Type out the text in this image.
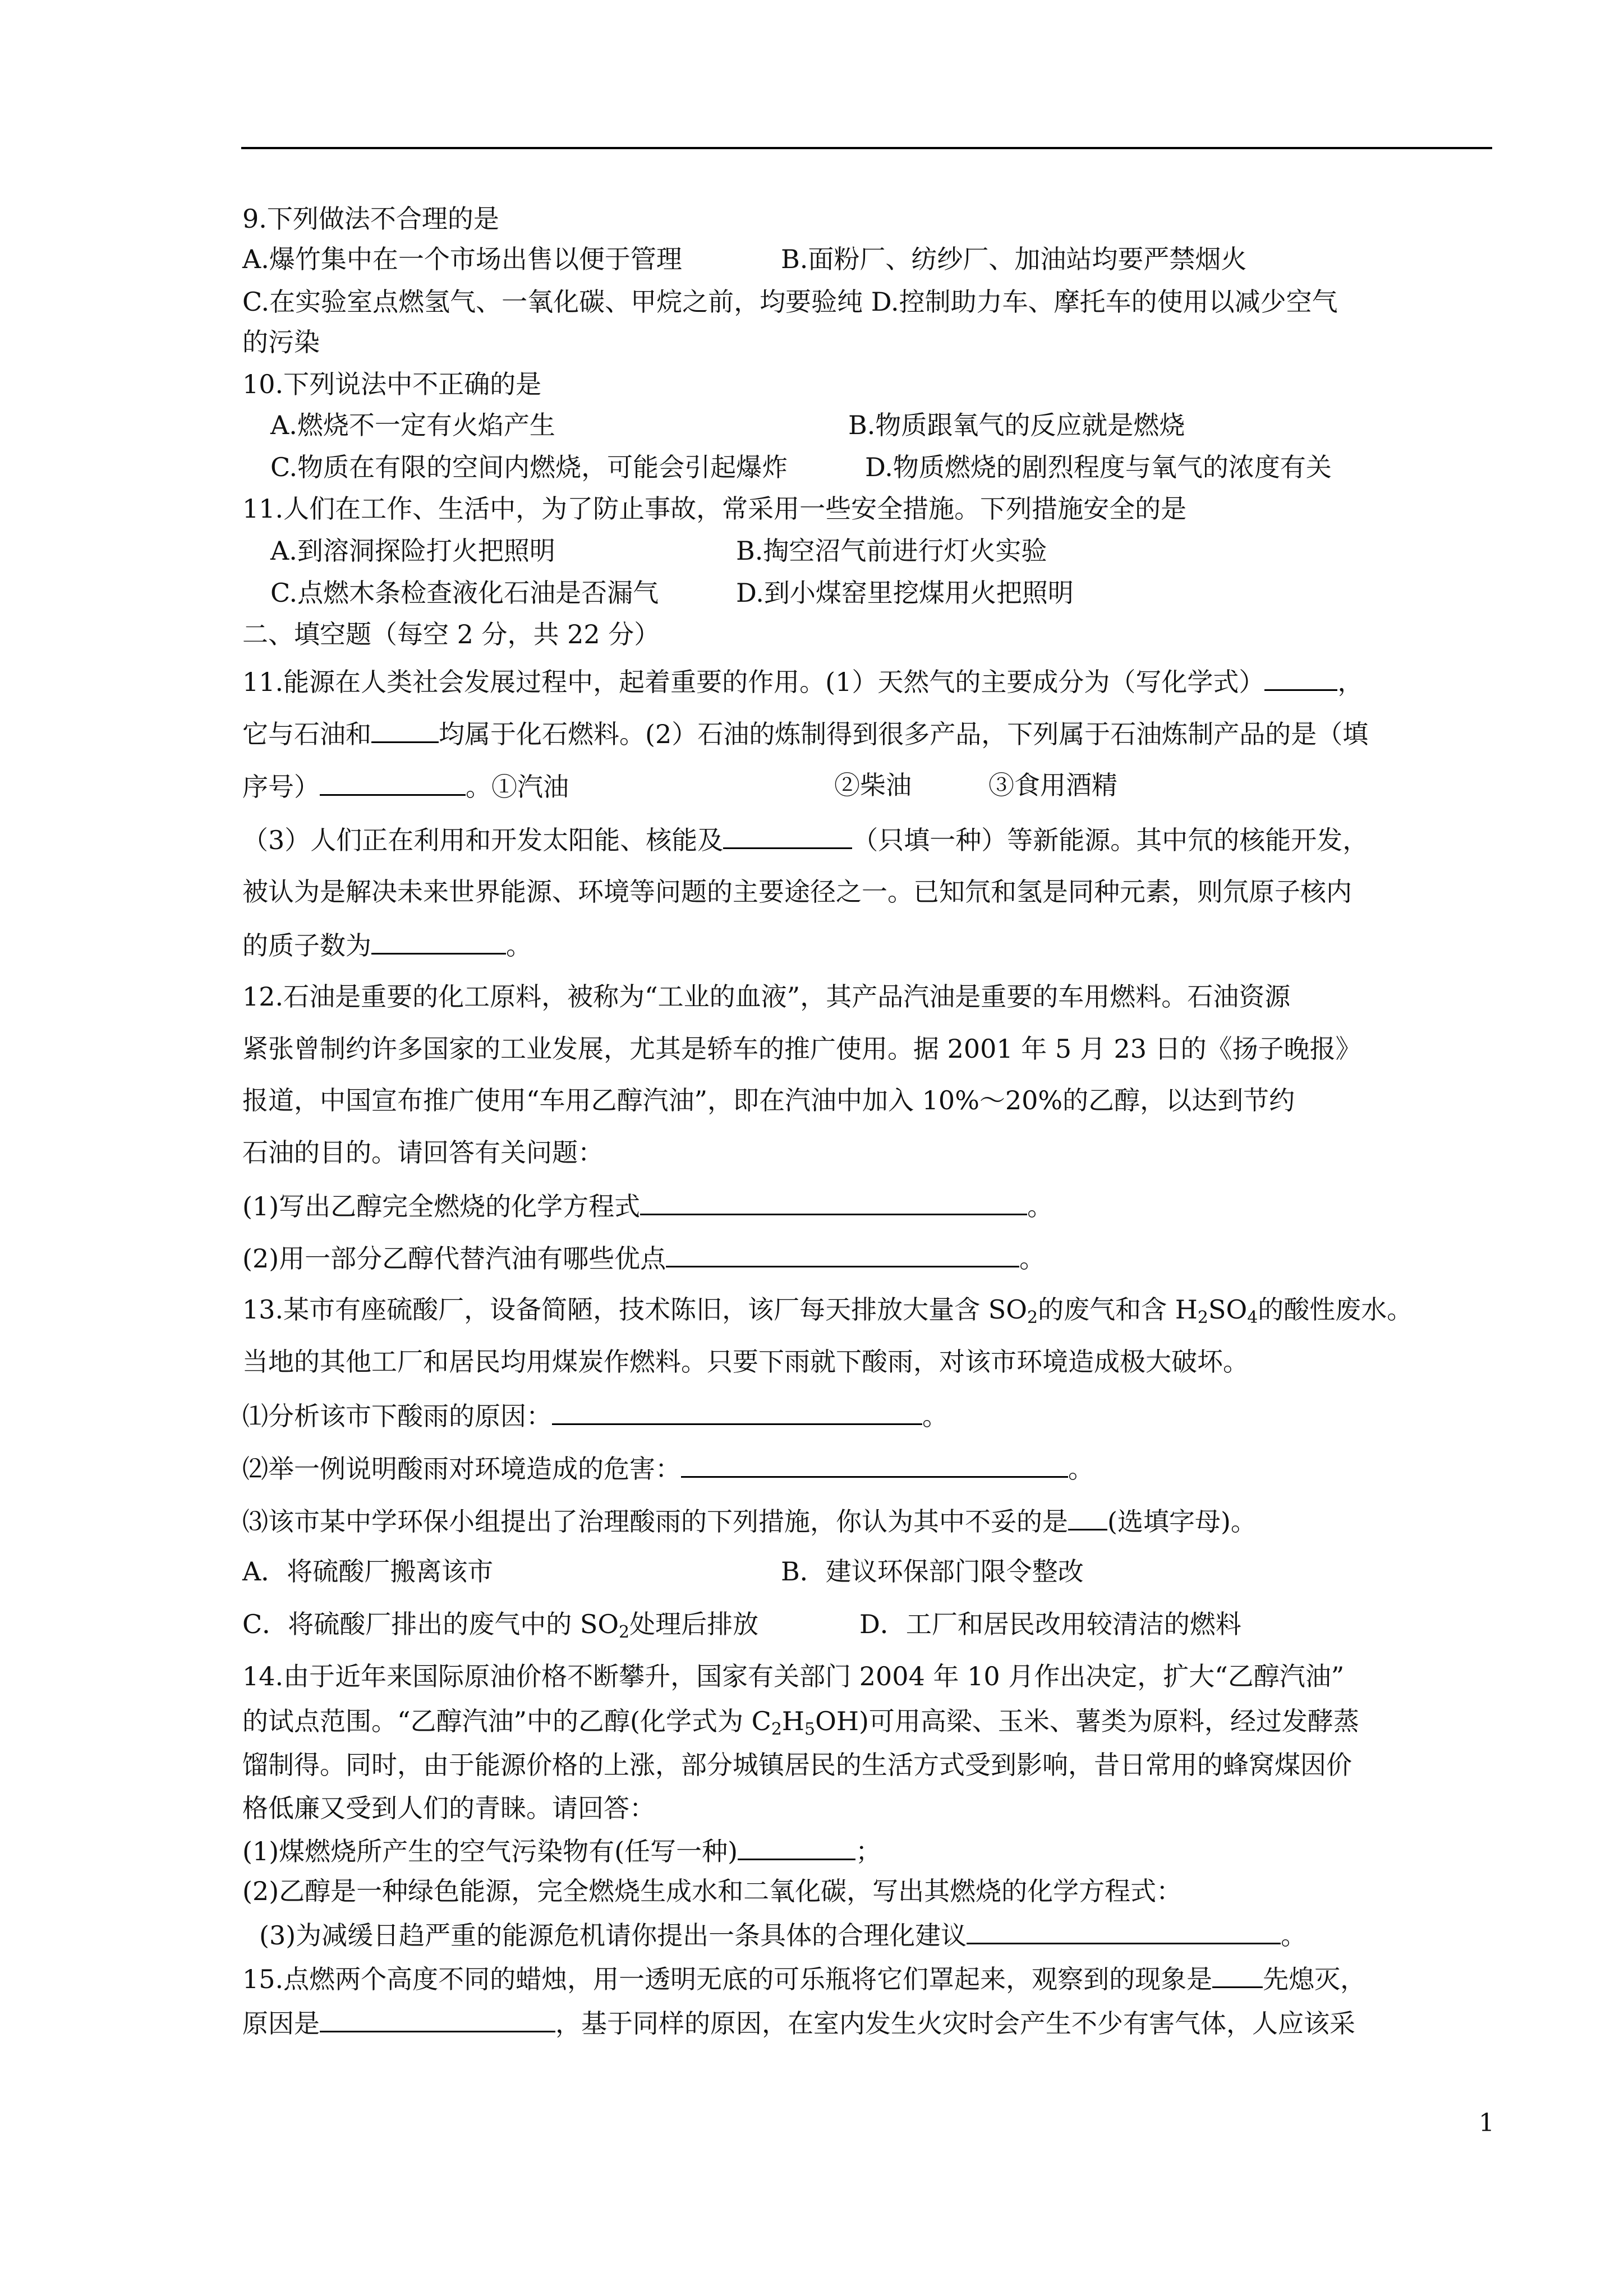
9.下列做法不合理的是
A.爆竹集中在一个市场出售以便于管理	B.面粉厂、纺纱厂、加油站均要严禁烟火
C.在实验室点燃氢气、一氧化碳、甲烷之前，均要验纯 D.控制助力车、摩托车的使用以减少空气
的污染
10.下列说法中不正确的是
A.燃烧不一定有火焰产生	B.物质跟氧气的反应就是燃烧
C.物质在有限的空间内燃烧，可能会引起爆炸	D.物质燃烧的剧烈程度与氧气的浓度有关
11.人们在工作、生活中，为了防止事故，常采用一些安全措施。下列措施安全的是
A.到溶洞探险打火把照明	B.掏空沼气前进行灯火实验
C.点燃木条检查液化石油是否漏气	D.到小煤窑里挖煤用火把照明
二、填空题（每空 2 分，共 22 分）
11.能源在人类社会发展过程中，起着重要的作用。(1）天然气的主要成分为（写化学式）	，
它与石油和	均属于化石燃料。(2）石油的炼制得到很多产品，下列属于石油炼制产品的是（填
序号）	。①汽油	②柴油	③食用酒精
（3）人们正在利用和开发太阳能、核能及	（只填一种）等新能源。其中氘的核能开发，
被认为是解决未来世界能源、环境等问题的主要途径之一。已知氘和氢是同种元素，则氘原子核内
的质子数为	。
12.石油是重要的化工原料，被称为“工业的血液”，其产品汽油是重要的车用燃料。石油资源
紧张曾制约许多国家的工业发展，尤其是轿车的推广使用。据 2001 年 5 月 23 日的《扬子晚报》
报道，中国宣布推广使用“车用乙醇汽油”，即在汽油中加入 10%～20%的乙醇，以达到节约
石油的目的。请回答有关问题：
(1)写出乙醇完全燃烧的化学方程式	。
(2)用一部分乙醇代替汽油有哪些优点	。
13.某市有座硫酸厂，设备简陋，技术陈旧，该厂每天排放大量含 $SO_2$的废气和含 $H_2SO_4$的酸性废水。
当地的其他工厂和居民均用煤炭作燃料。只要下雨就下酸雨，对该市环境造成极大破坏。
⑴分析该市下酸雨的原因：	。
⑵举一例说明酸雨对环境造成的危害：	。
⑶该市某中学环保小组提出了治理酸雨的下列措施，你认为其中不妥的是 (选填字母)。
A．将硫酸厂搬离该市	B．建议环保部门限令整改
C．将硫酸厂排出的废气中的 $SO_2$处理后排放	D．工厂和居民改用较清洁的燃料
14.由于近年来国际原油价格不断攀升，国家有关部门 2004 年 10 月作出决定，扩大“乙醇汽油”
的试点范围。“乙醇汽油”中的乙醇(化学式为 $C_2H_5OH$)可用高梁、玉米、薯类为原料，经过发酵蒸
馏制得。同时，由于能源价格的上涨，部分城镇居民的生活方式受到影响，昔日常用的蜂窝煤因价
格低廉又受到人们的青睐。请回答：
(1)煤燃烧所产生的空气污染物有(任写一种)	；
(2)乙醇是一种绿色能源，完全燃烧生成水和二氧化碳，写出其燃烧的化学方程式：
(3)为减缓日趋严重的能源危机请你提出一条具体的合理化建议	。
15.点燃两个高度不同的蜡烛，用一透明无底的可乐瓶将它们罩起来，观察到的现象是 先熄灭，
原因是	，基于同样的原因，在室内发生火灾时会产生不少有害气体，人应该采
1
